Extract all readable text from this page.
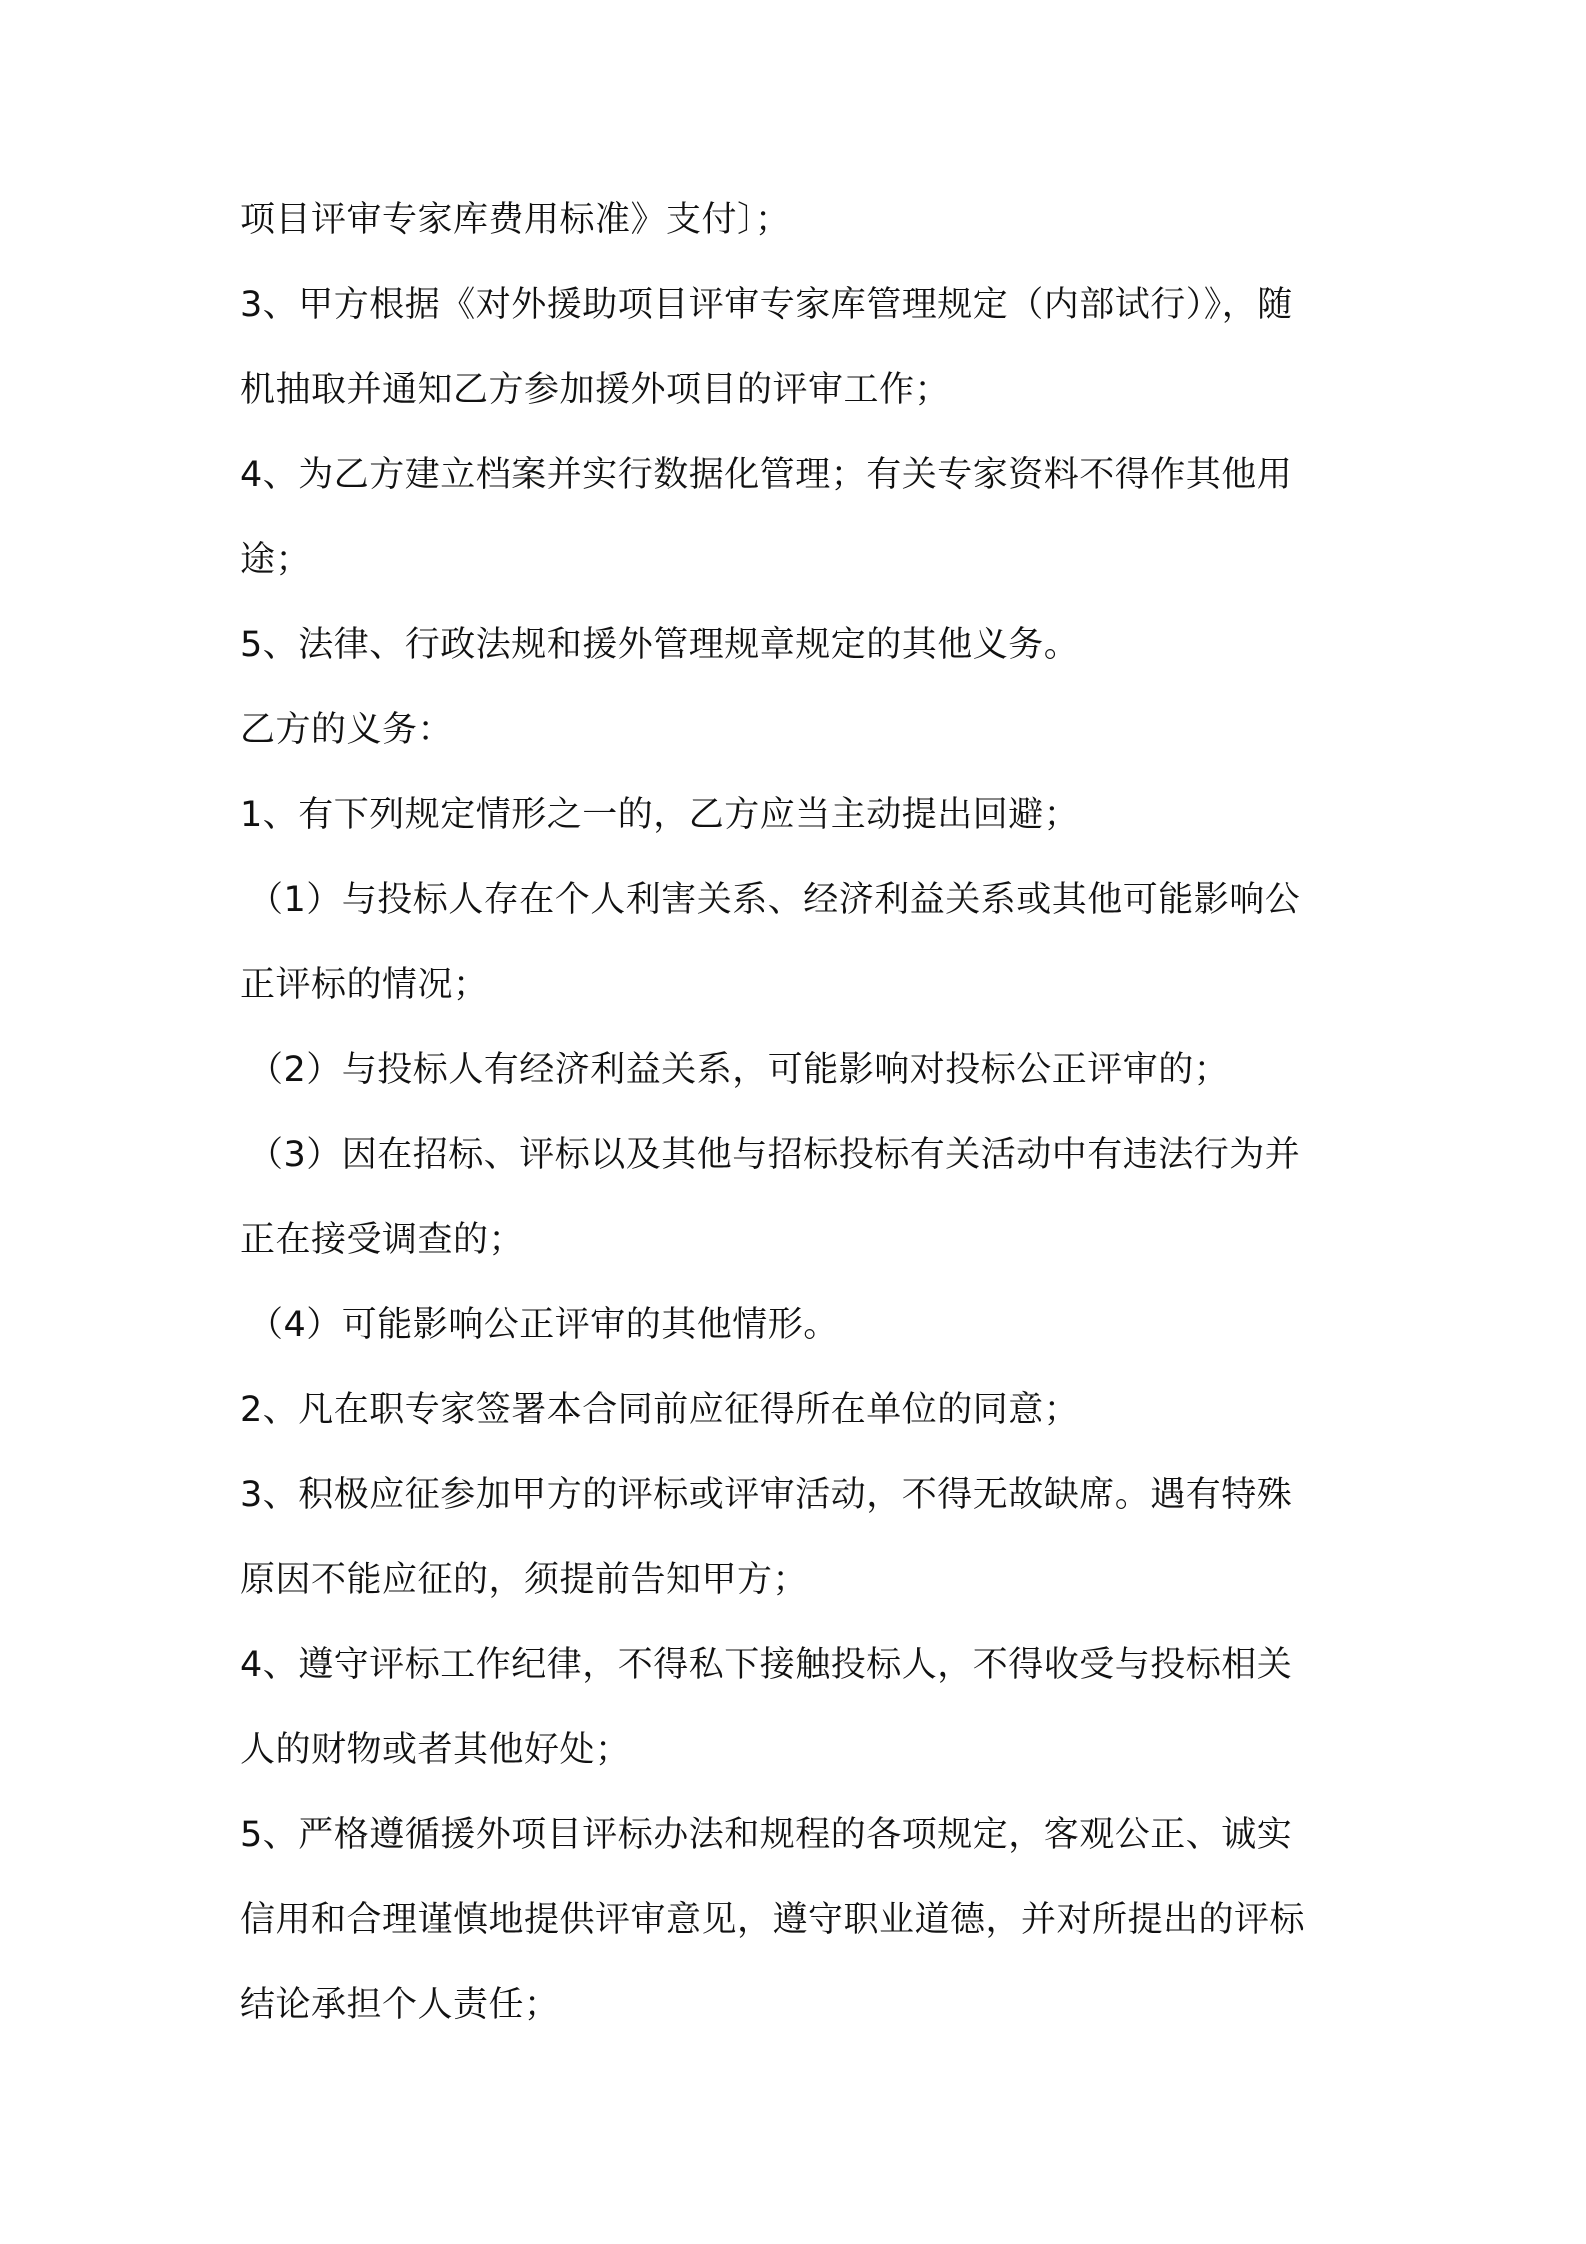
项目评审专家库费用标准》支付〕；
3、甲方根据《对外援助项目评审专家库管理规定（内部试行）》，随
机抽取并通知乙方参加援外项目的评审工作；
4、为乙方建立档案并实行数据化管理；有关专家资料不得作其他用
途；
5、法律、行政法规和援外管理规章规定的其他义务。
乙方的义务：
1、有下列规定情形之一的，乙方应当主动提出回避；
（1）与投标人存在个人利害关系、经济利益关系或其他可能影响公
正评标的情况；
（2）与投标人有经济利益关系，可能影响对投标公正评审的；
（3）因在招标、评标以及其他与招标投标有关活动中有违法行为并
正在接受调查的；
（4）可能影响公正评审的其他情形。
2、凡在职专家签署本合同前应征得所在单位的同意；
3、积极应征参加甲方的评标或评审活动，不得无故缺席。遇有特殊
原因不能应征的，须提前告知甲方；
4、遵守评标工作纪律，不得私下接触投标人，不得收受与投标相关
人的财物或者其他好处；
5、严格遵循援外项目评标办法和规程的各项规定，客观公正、诚实
信用和合理谨慎地提供评审意见，遵守职业道德，并对所提出的评标
结论承担个人责任；
